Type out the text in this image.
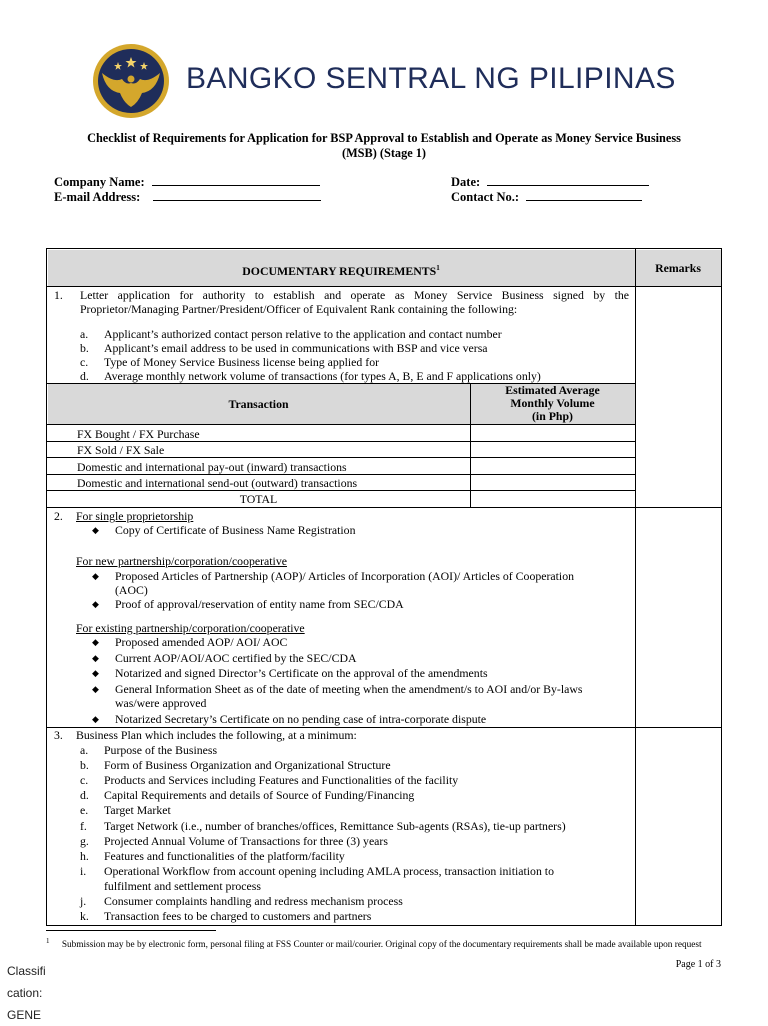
BANGKO SENTRAL NG PILIPINAS
Checklist of Requirements for Application for BSP Approval to Establish and Operate as Money Service Business
(MSB) (Stage 1)
Company Name:
E-mail Address:
Date:
Contact No.:
DOCUMENTARY REQUIREMENTS$^1$	Remarks
1. Letter application for authority to establish and operate as Money Service Business signed by the Proprietor/Managing Partner/President/Officer of Equivalent Rank containing the following:
a. Applicant’s authorized contact person relative to the application and contact number
b. Applicant’s email address to be used in communications with BSP and vice versa
c. Type of Money Service Business license being applied for
d. Average monthly network volume of transactions (for types A, B, E and F applications only)
Transaction
Estimated Average
Monthly Volume
(in Php)
FX Bought / FX Purchase
FX Sold / FX Sale
Domestic and international pay-out (inward) transactions
Domestic and international send-out (outward) transactions
TOTAL
2. For single proprietorship
◆ Copy of Certificate of Business Name Registration
For new partnership/corporation/cooperative
◆ Proposed Articles of Partnership (AOP)/ Articles of Incorporation (AOI)/ Articles of Cooperation
(AOC)
◆ Proof of approval/reservation of entity name from SEC/CDA
For existing partnership/corporation/cooperative
◆ Proposed amended AOP/ AOI/ AOC
◆ Current AOP/AOI/AOC certified by the SEC/CDA
◆ Notarized and signed Director’s Certificate on the approval of the amendments
◆ General Information Sheet as of the date of meeting when the amendment/s to AOI and/or By-laws
was/were approved
◆ Notarized Secretary’s Certificate on no pending case of intra-corporate dispute
3. Business Plan which includes the following, at a minimum:
a. Purpose of the Business
b. Form of Business Organization and Organizational Structure
c. Products and Services including Features and Functionalities of the facility
d. Capital Requirements and details of Source of Funding/Financing
e. Target Market
f. Target Network (i.e., number of branches/offices, Remittance Sub-agents (RSAs), tie-up partners)
g. Projected Annual Volume of Transactions for three (3) years
h. Features and functionalities of the platform/facility
i. Operational Workflow from account opening including AMLA process, transaction initiation to
fulfilment and settlement process
j. Consumer complaints handling and redress mechanism process
k. Transaction fees to be charged to customers and partners
$^1$ Submission may be by electronic form, personal filing at FSS Counter or mail/courier. Original copy of the documentary requirements shall be made available upon request
Page 1 of 3
Classification: GENE
